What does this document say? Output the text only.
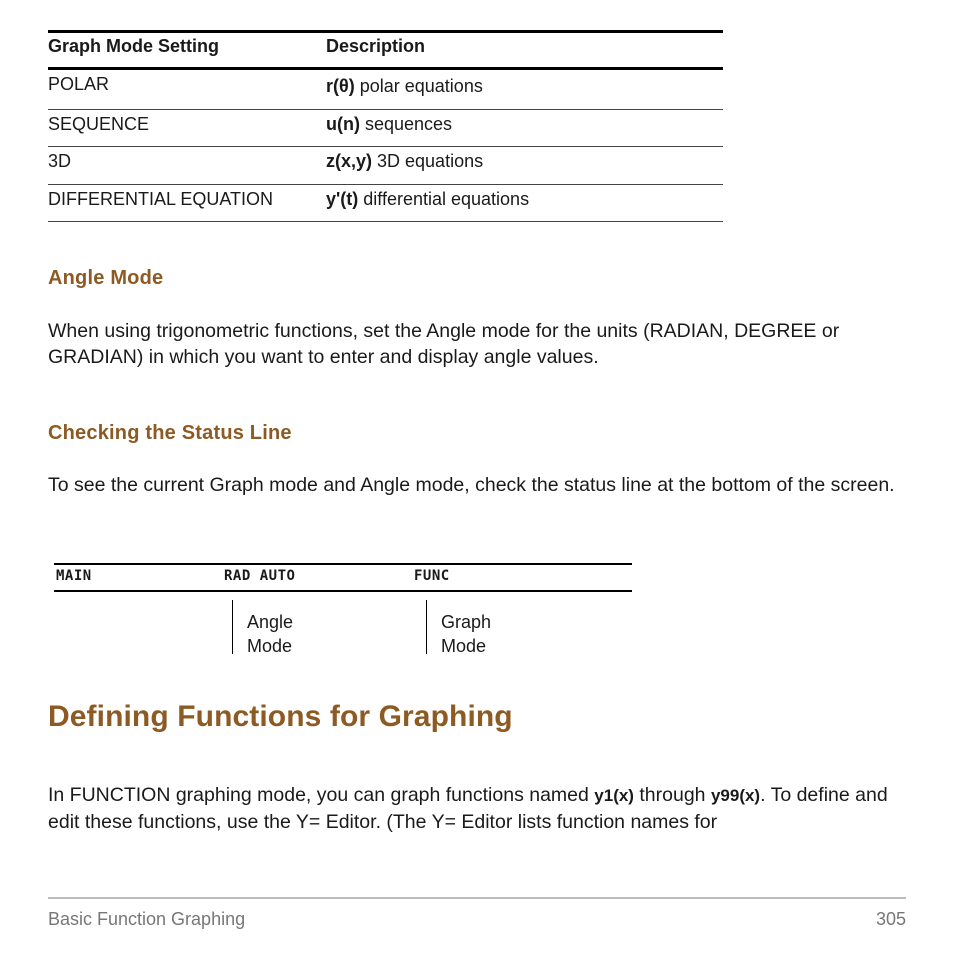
Graph Mode Setting	Description
POLAR	r(θ) polar equations
SEQUENCE	u(n) sequences
3D	z(x,y) 3D equations
DIFFERENTIAL EQUATION	y'(t) differential equations
Angle Mode
When using trigonometric functions, set the Angle mode for the units (RADIAN, DEGREE or GRADIAN) in which you want to enter and display angle values.
Checking the Status Line
To see the current Graph mode and Angle mode, check the status line at the bottom of the screen.
MAIN	RAD AUTO	FUNC
Angle
Mode
Graph
Mode
Defining Functions for Graphing
In FUNCTION graphing mode, you can graph functions named y1(x) through y99(x). To define and edit these functions, use the Y= Editor. (The Y= Editor lists function names for
Basic Function Graphing	305
